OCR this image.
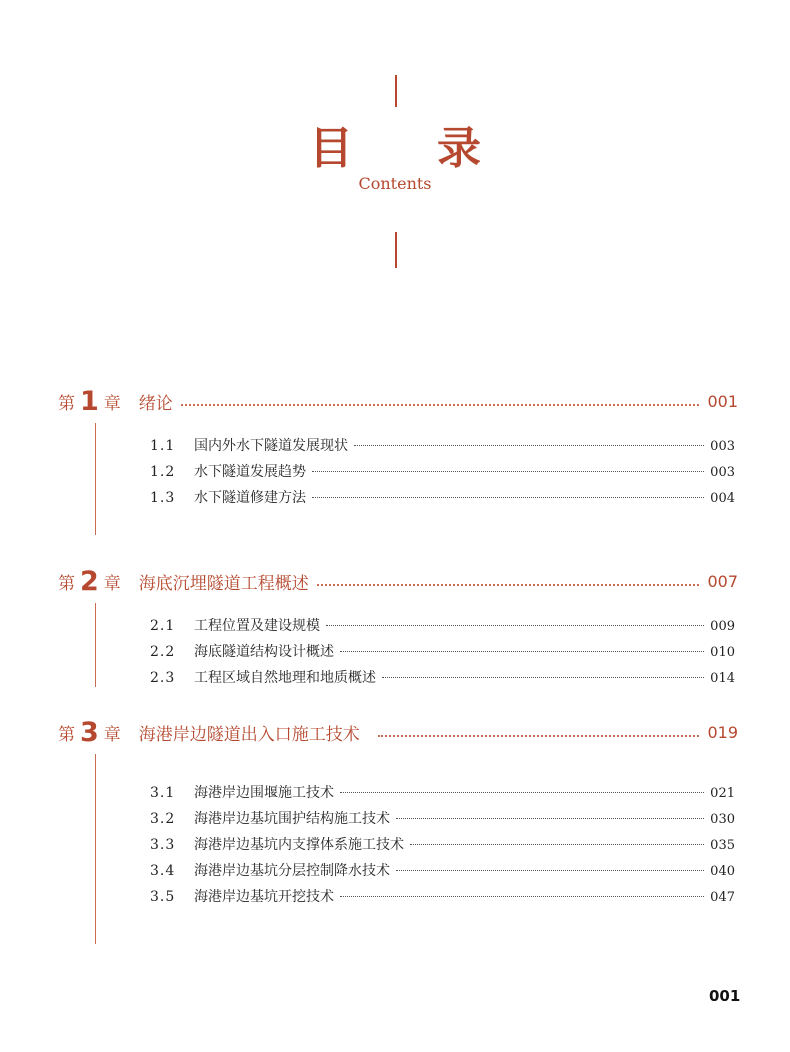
目录
Contents
第 1 章 绪论	001
1.1	国内外水下隧道发展现状	003
1.2	水下隧道发展趋势	003
1.3	水下隧道修建方法	004
第 2 章 海底沉埋隧道工程概述	007
2.1	工程位置及建设规模	009
2.2	海底隧道结构设计概述	010
2.3	工程区域自然地理和地质概述	014
第 3 章 海港岸边隧道出入口施工技术	019
3.1	海港岸边围堰施工技术	021
3.2	海港岸边基坑围护结构施工技术	030
3.3	海港岸边基坑内支撑体系施工技术	035
3.4	海港岸边基坑分层控制降水技术	040
3.5	海港岸边基坑开挖技术	047
001
